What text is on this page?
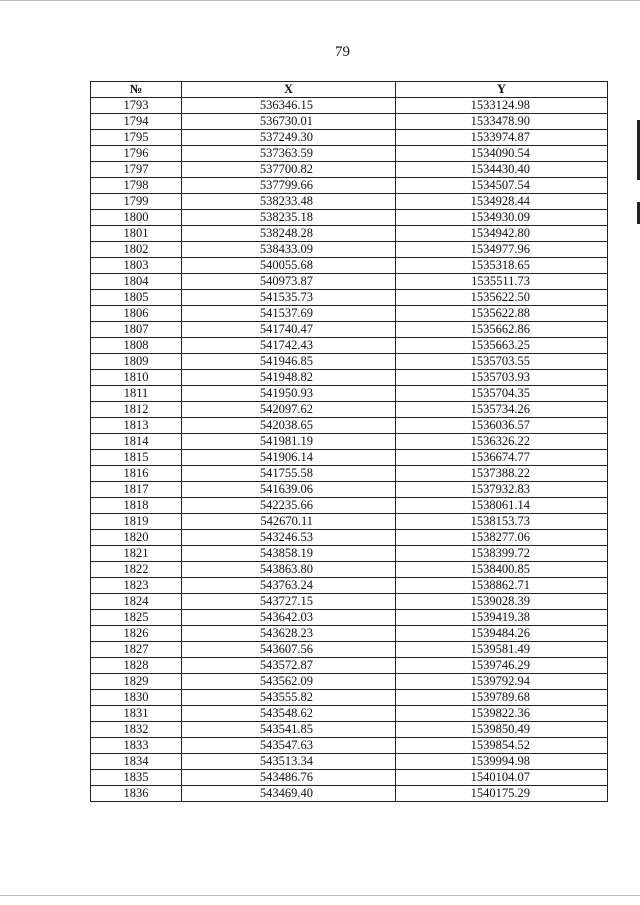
79
№	X	Y
1793	536346.15	1533124.98
1794	536730.01	1533478.90
1795	537249.30	1533974.87
1796	537363.59	1534090.54
1797	537700.82	1534430.40
1798	537799.66	1534507.54
1799	538233.48	1534928.44
1800	538235.18	1534930.09
1801	538248.28	1534942.80
1802	538433.09	1534977.96
1803	540055.68	1535318.65
1804	540973.87	1535511.73
1805	541535.73	1535622.50
1806	541537.69	1535622.88
1807	541740.47	1535662.86
1808	541742.43	1535663.25
1809	541946.85	1535703.55
1810	541948.82	1535703.93
1811	541950.93	1535704.35
1812	542097.62	1535734.26
1813	542038.65	1536036.57
1814	541981.19	1536326.22
1815	541906.14	1536674.77
1816	541755.58	1537388.22
1817	541639.06	1537932.83
1818	542235.66	1538061.14
1819	542670.11	1538153.73
1820	543246.53	1538277.06
1821	543858.19	1538399.72
1822	543863.80	1538400.85
1823	543763.24	1538862.71
1824	543727.15	1539028.39
1825	543642.03	1539419.38
1826	543628.23	1539484.26
1827	543607.56	1539581.49
1828	543572.87	1539746.29
1829	543562.09	1539792.94
1830	543555.82	1539789.68
1831	543548.62	1539822.36
1832	543541.85	1539850.49
1833	543547.63	1539854.52
1834	543513.34	1539994.98
1835	543486.76	1540104.07
1836	543469.40	1540175.29
